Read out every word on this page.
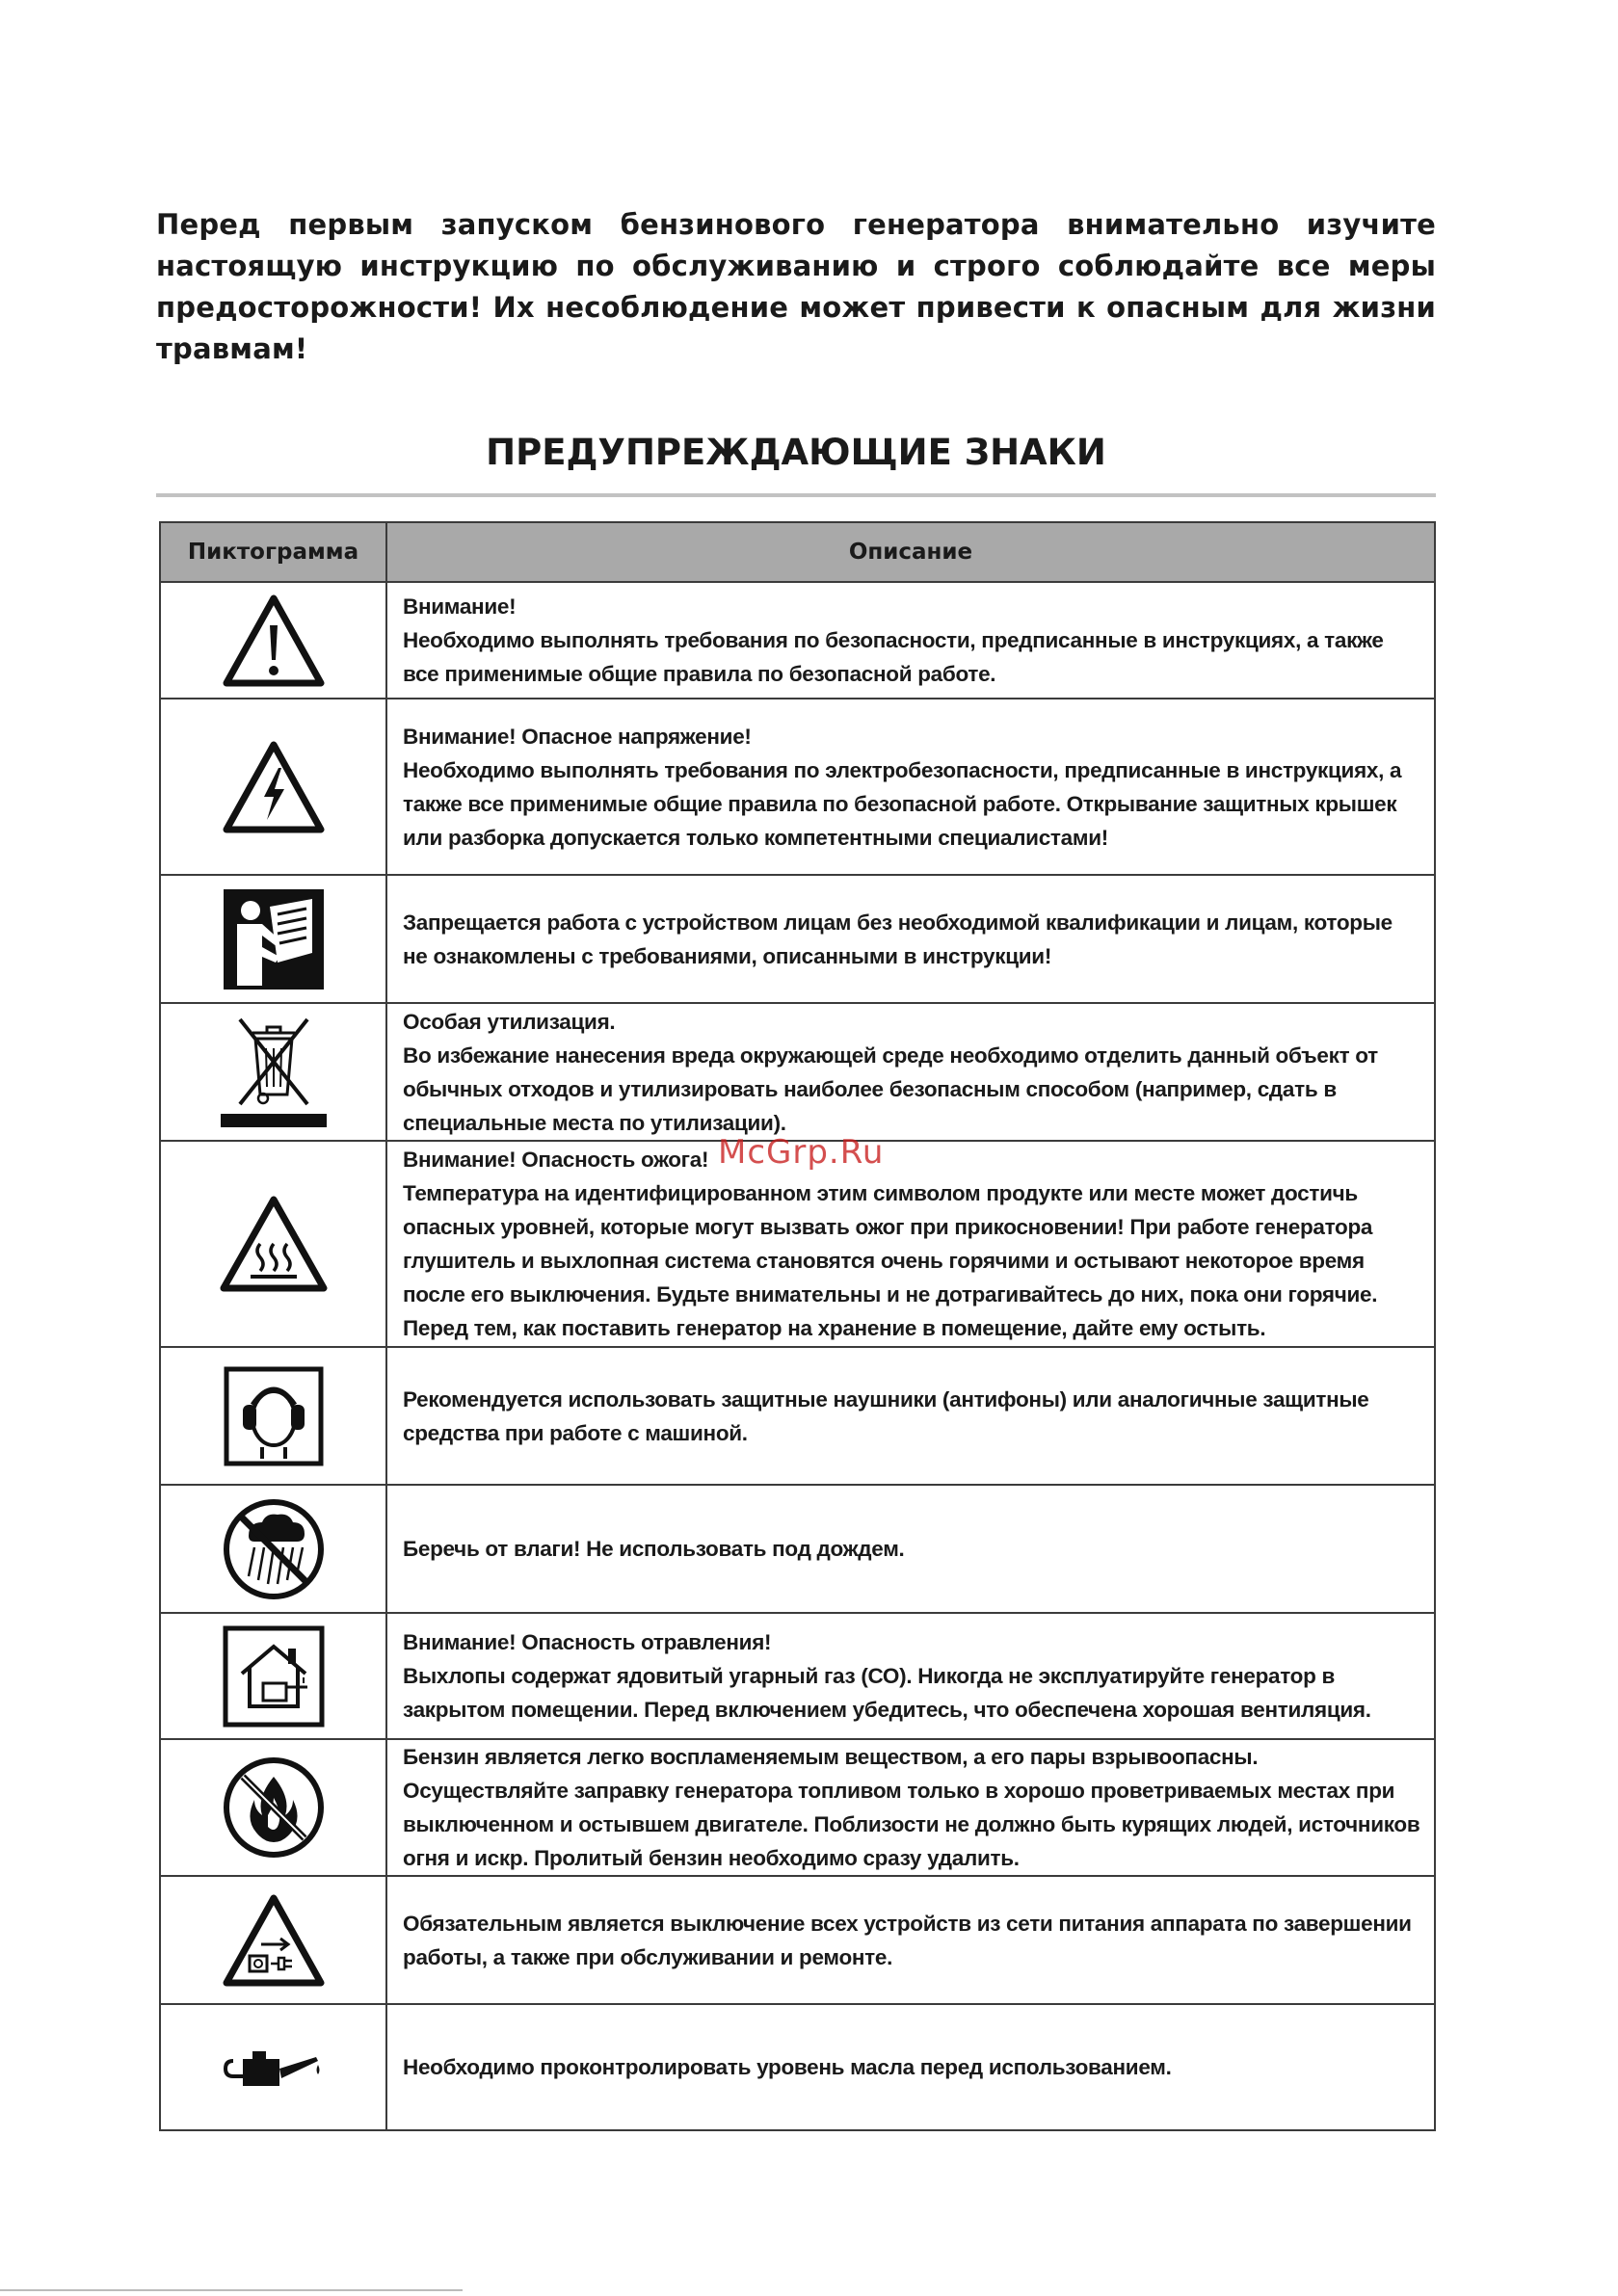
Перед первым запуском бензинового генератора внимательно изучите настоящую инструкцию по обслуживанию и строго соблюдайте все меры предосторожности! Их несоблюдение может привести к опасным для жизни травмам!

ПРЕДУПРЕЖДАЮЩИЕ ЗНАКИ
Пиктограмма	Описание

Внимание!
Необходимо выполнять требования по безопасности, предписанные в инструкциях, а также все применимые общие правила по безопасной работе.

Внимание! Опасное напряжение!
Необходимо выполнять требования по электробезопасности, предписанные в инструкциях, а также все применимые общие правила по безопасной работе. Открывание защитных крышек или разборка допускается только компетентными специалистами!

Запрещается работа с устройством лицам без необходимой квалификации и лицам, которые не ознакомлены с требованиями, описанными в инструкции!

Особая утилизация.
Во избежание нанесения вреда окружающей среде необходимо отделить данный объект от обычных отходов и утилизировать наиболее безопасным способом (например, сдать в специальные места по утилизации).

Внимание! Опасность ожога!
Температура на идентифицированном этим символом продукте или месте может достичь опасных уровней, которые могут вызвать ожог при прикосновении! При работе генератора глушитель и выхлопная система становятся очень горячими и остывают некоторое время после его выключения. Будьте внимательны и не дотрагивайтесь до них, пока они горячие. Перед тем, как поставить генератор на хранение в помещение, дайте ему остыть.

Рекомендуется использовать защитные наушники (антифоны) или аналогичные защитные средства при работе с машиной.

Беречь от влаги! Не использовать под дождем.

Внимание! Опасность отравления!
Выхлопы содержат ядовитый угарный газ (СО). Никогда не эксплуатируйте генератор в закрытом помещении. Перед включением убедитесь, что обеспечена хорошая вентиляция.

Бензин является легко воспламеняемым веществом, а его пары взрывоопасны. Осуществляйте заправку генератора топливом только в хорошо проветриваемых местах при выключенном и остывшем двигателе. Поблизости не должно быть курящих людей, источников огня и искр. Пролитый бензин необходимо сразу удалить.

Обязательным является выключение всех устройств из сети питания аппарата по завершении работы, а также при обслуживании и ремонте.

Необходимо проконтролировать уровень масла перед использованием.
McGrp.Ru
